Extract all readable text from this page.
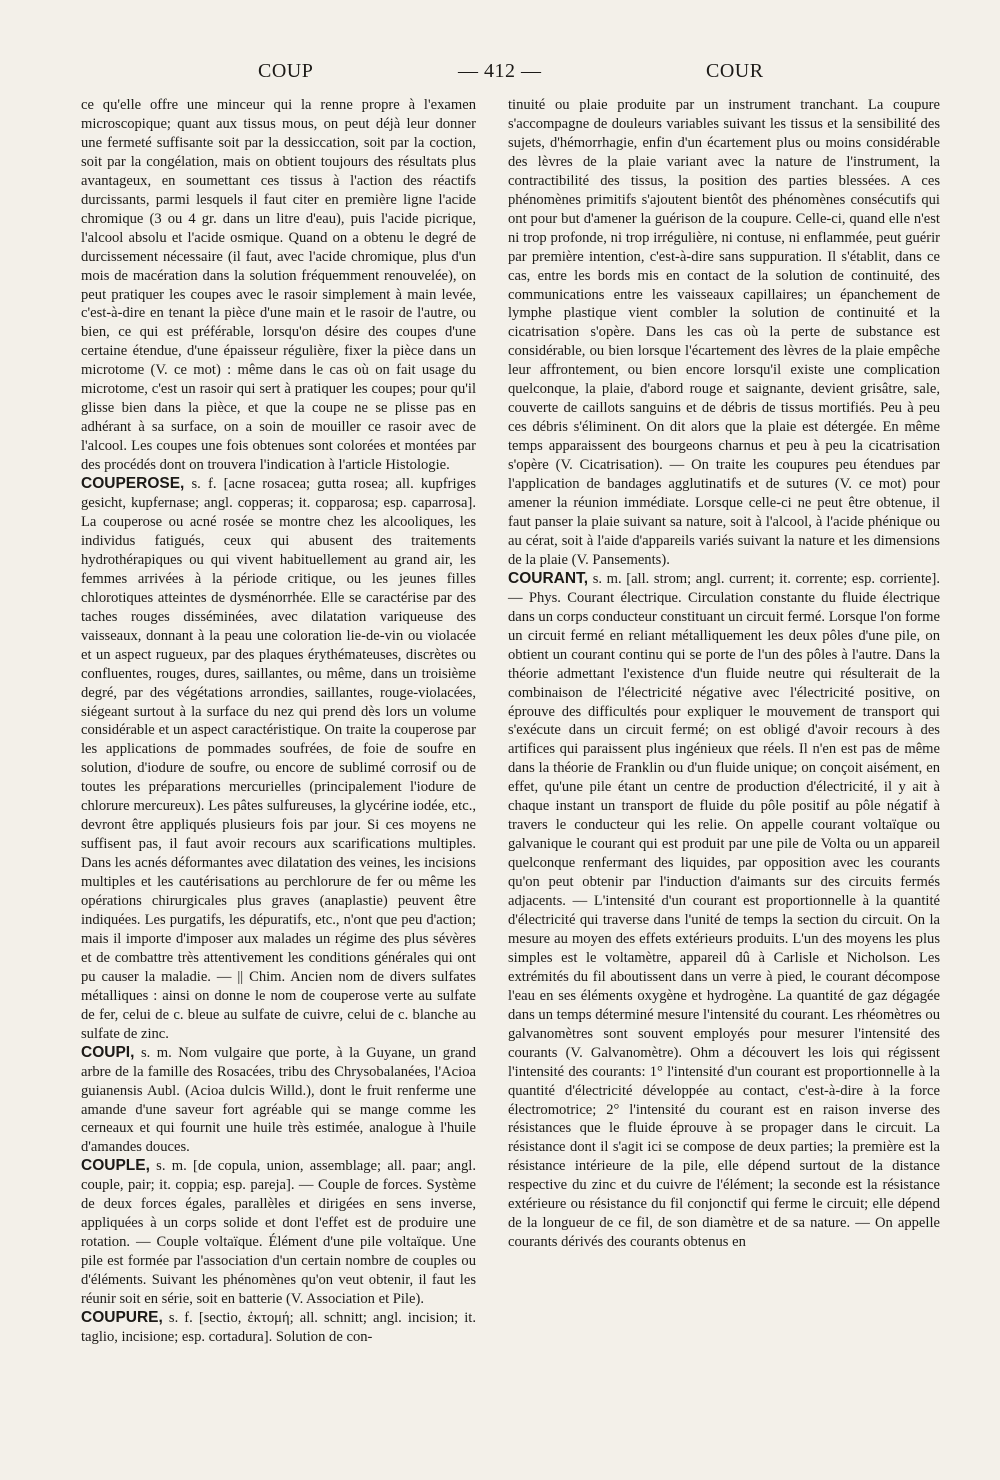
COUP	— 412 —	COUR

ce qu'elle offre une minceur qui la renne propre à l'examen microscopique; quant aux tissus mous, on peut déjà leur donner une fermeté suffisante soit par la dessiccation, soit par la coction, soit par la congélation, mais on obtient toujours des résultats plus avantageux, en soumettant ces tissus à l'action des réactifs durcissants, parmi lesquels il faut citer en première ligne l'acide chromique (3 ou 4 gr. dans un litre d'eau), puis l'acide picrique, l'alcool absolu et l'acide osmique. Quand on a obtenu le degré de durcissement nécessaire (il faut, avec l'acide chromique, plus d'un mois de macération dans la solution fréquemment renouvelée), on peut pratiquer les coupes avec le rasoir simplement à main levée, c'est-à-dire en tenant la pièce d'une main et le rasoir de l'autre, ou bien, ce qui est préférable, lorsqu'on désire des coupes d'une certaine étendue, d'une épaisseur régulière, fixer la pièce dans un microtome (V. ce mot) : même dans le cas où on fait usage du microtome, c'est un rasoir qui sert à pratiquer les coupes; pour qu'il glisse bien dans la pièce, et que la coupe ne se plisse pas en adhérant à sa surface, on a soin de mouiller ce rasoir avec de l'alcool. Les coupes une fois obtenues sont colorées et montées par des procédés dont on trouvera l'indication à l'article Histologie.

COUPEROSE, s. f. [acne rosacea; gutta rosea; all. kupfriges gesicht, kupfernase; angl. copperas; it. copparosa; esp. caparrosa]. La couperose ou acné rosée se montre chez les alcooliques, les individus fatigués, ceux qui abusent des traitements hydrothérapiques ou qui vivent habituellement au grand air, les femmes arrivées à la période critique, ou les jeunes filles chlorotiques atteintes de dysménorrhée. Elle se caractérise par des taches rouges disséminées, avec dilatation variqueuse des vaisseaux, donnant à la peau une coloration lie-de-vin ou violacée et un aspect rugueux, par des plaques érythémateuses, discrètes ou confluentes, rouges, dures, saillantes, ou même, dans un troisième degré, par des végétations arrondies, saillantes, rouge-violacées, siégeant surtout à la surface du nez qui prend dès lors un volume considérable et un aspect caractéristique. On traite la couperose par les applications de pommades soufrées, de foie de soufre en solution, d'iodure de soufre, ou encore de sublimé corrosif ou de toutes les préparations mercurielles (principalement l'iodure de chlorure mercureux). Les pâtes sulfureuses, la glycérine iodée, etc., devront être appliqués plusieurs fois par jour. Si ces moyens ne suffisent pas, il faut avoir recours aux scarifications multiples. Dans les acnés déformantes avec dilatation des veines, les incisions multiples et les cautérisations au perchlorure de fer ou même les opérations chirurgicales plus graves (anaplastie) peuvent être indiquées. Les purgatifs, les dépuratifs, etc., n'ont que peu d'action; mais il importe d'imposer aux malades un régime des plus sévères et de combattre très attentivement les conditions générales qui ont pu causer la maladie. — || Chim. Ancien nom de divers sulfates métalliques : ainsi on donne le nom de couperose verte au sulfate de fer, celui de c. bleue au sulfate de cuivre, celui de c. blanche au sulfate de zinc.

COUPI, s. m. Nom vulgaire que porte, à la Guyane, un grand arbre de la famille des Rosacées, tribu des Chrysobalanées, l'Acioa guianensis Aubl. (Acioa dulcis Willd.), dont le fruit renferme une amande d'une saveur fort agréable qui se mange comme les cerneaux et qui fournit une huile très estimée, analogue à l'huile d'amandes douces.

COUPLE, s. m. [de copula, union, assemblage; all. paar; angl. couple, pair; it. coppia; esp. pareja]. — Couple de forces. Système de deux forces égales, parallèles et dirigées en sens inverse, appliquées à un corps solide et dont l'effet est de produire une rotation. — Couple voltaïque. Élément d'une pile voltaïque. Une pile est formée par l'association d'un certain nombre de couples ou d'éléments. Suivant les phénomènes qu'on veut obtenir, il faut les réunir soit en série, soit en batterie (V. Association et Pile).

COUPURE, s. f. [sectio, ἐκτομή; all. schnitt; angl. incision; it. taglio, incisione; esp. cortadura]. Solution de con-

tinuité ou plaie produite par un instrument tranchant. La coupure s'accompagne de douleurs variables suivant les tissus et la sensibilité des sujets, d'hémorrhagie, enfin d'un écartement plus ou moins considérable des lèvres de la plaie variant avec la nature de l'instrument, la contractibilité des tissus, la position des parties blessées. A ces phénomènes primitifs s'ajoutent bientôt des phénomènes consécutifs qui ont pour but d'amener la guérison de la coupure. Celle-ci, quand elle n'est ni trop profonde, ni trop irrégulière, ni contuse, ni enflammée, peut guérir par première intention, c'est-à-dire sans suppuration. Il s'établit, dans ce cas, entre les bords mis en contact de la solution de continuité, des communications entre les vaisseaux capillaires; un épanchement de lymphe plastique vient combler la solution de continuité et la cicatrisation s'opère. Dans les cas où la perte de substance est considérable, ou bien lorsque l'écartement des lèvres de la plaie empêche leur affrontement, ou bien encore lorsqu'il existe une complication quelconque, la plaie, d'abord rouge et saignante, devient grisâtre, sale, couverte de caillots sanguins et de débris de tissus mortifiés. Peu à peu ces débris s'éliminent. On dit alors que la plaie est détergée. En même temps apparaissent des bourgeons charnus et peu à peu la cicatrisation s'opère (V. Cicatrisation). — On traite les coupures peu étendues par l'application de bandages agglutinatifs et de sutures (V. ce mot) pour amener la réunion immédiate. Lorsque celle-ci ne peut être obtenue, il faut panser la plaie suivant sa nature, soit à l'alcool, à l'acide phénique ou au cérat, soit à l'aide d'appareils variés suivant la nature et les dimensions de la plaie (V. Pansements).

COURANT, s. m. [all. strom; angl. current; it. corrente; esp. corriente]. — Phys. Courant électrique. Circulation constante du fluide électrique dans un corps conducteur constituant un circuit fermé. Lorsque l'on forme un circuit fermé en reliant métalliquement les deux pôles d'une pile, on obtient un courant continu qui se porte de l'un des pôles à l'autre. Dans la théorie admettant l'existence d'un fluide neutre qui résulterait de la combinaison de l'électricité négative avec l'électricité positive, on éprouve des difficultés pour expliquer le mouvement de transport qui s'exécute dans un circuit fermé; on est obligé d'avoir recours à des artifices qui paraissent plus ingénieux que réels. Il n'en est pas de même dans la théorie de Franklin ou d'un fluide unique; on conçoit aisément, en effet, qu'une pile étant un centre de production d'électricité, il y ait à chaque instant un transport de fluide du pôle positif au pôle négatif à travers le conducteur qui les relie. On appelle courant voltaïque ou galvanique le courant qui est produit par une pile de Volta ou un appareil quelconque renfermant des liquides, par opposition avec les courants qu'on peut obtenir par l'induction d'aimants sur des circuits fermés adjacents. — L'intensité d'un courant est proportionnelle à la quantité d'électricité qui traverse dans l'unité de temps la section du circuit. On la mesure au moyen des effets extérieurs produits. L'un des moyens les plus simples est le voltamètre, appareil dû à Carlisle et Nicholson. Les extrémités du fil aboutissent dans un verre à pied, le courant décompose l'eau en ses éléments oxygène et hydrogène. La quantité de gaz dégagée dans un temps déterminé mesure l'intensité du courant. Les rhéomètres ou galvanomètres sont souvent employés pour mesurer l'intensité des courants (V. Galvanomètre). Ohm a découvert les lois qui régissent l'intensité des courants: 1° l'intensité d'un courant est proportionnelle à la quantité d'électricité développée au contact, c'est-à-dire à la force électromotrice; 2° l'intensité du courant est en raison inverse des résistances que le fluide éprouve à se propager dans le circuit. La résistance dont il s'agit ici se compose de deux parties; la première est la résistance intérieure de la pile, elle dépend surtout de la distance respective du zinc et du cuivre de l'élément; la seconde est la résistance extérieure ou résistance du fil conjonctif qui ferme le circuit; elle dépend de la longueur de ce fil, de son diamètre et de sa nature. — On appelle courants dérivés des courants obtenus en
